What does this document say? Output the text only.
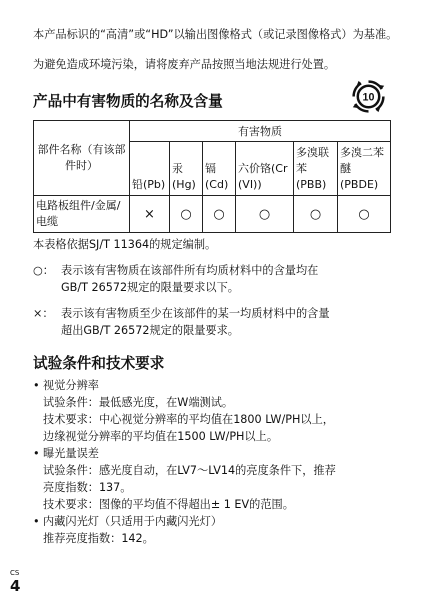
本产品标识的“高清”或“HD”以输出图像格式（或记录图像格式）为基准。

为避免造成环境污染，请将废弃产品按照当地法规进行处置。

产品中有害物质的名称及含量	10
部件名称（有该部件时）	有害物质					
	铅(Pb)	汞(Hg)	镉(Cd)	六价铬(Cr (VI))	多溴联苯(PBB)	多溴二苯醚(PBDE)
电路板组件/金属/电缆	×	○	○	○	○	○

本表格依据SJ/T 11364的规定编制。

○： 表示该有害物质在该部件所有均质材料中的含量均在
GB/T 26572规定的限量要求以下。
×： 表示该有害物质至少在该部件的某一均质材料中的含量
超出GB/T 26572规定的限量要求。
试验条件和技术要求
• 视觉分辨率
试验条件：最低感光度，在W端测试。
技术要求：中心视觉分辨率的平均值在1800 LW/PH以上，
边缘视觉分辨率的平均值在1500 LW/PH以上。
• 曝光量误差
试验条件：感光度自动，在LV7～LV14的亮度条件下，推荐
亮度指数：137。
技术要求：图像的平均值不得超出± 1 EV的范围。
• 内藏闪光灯（只适用于内藏闪光灯）
推荐亮度指数：142。
CS
4
